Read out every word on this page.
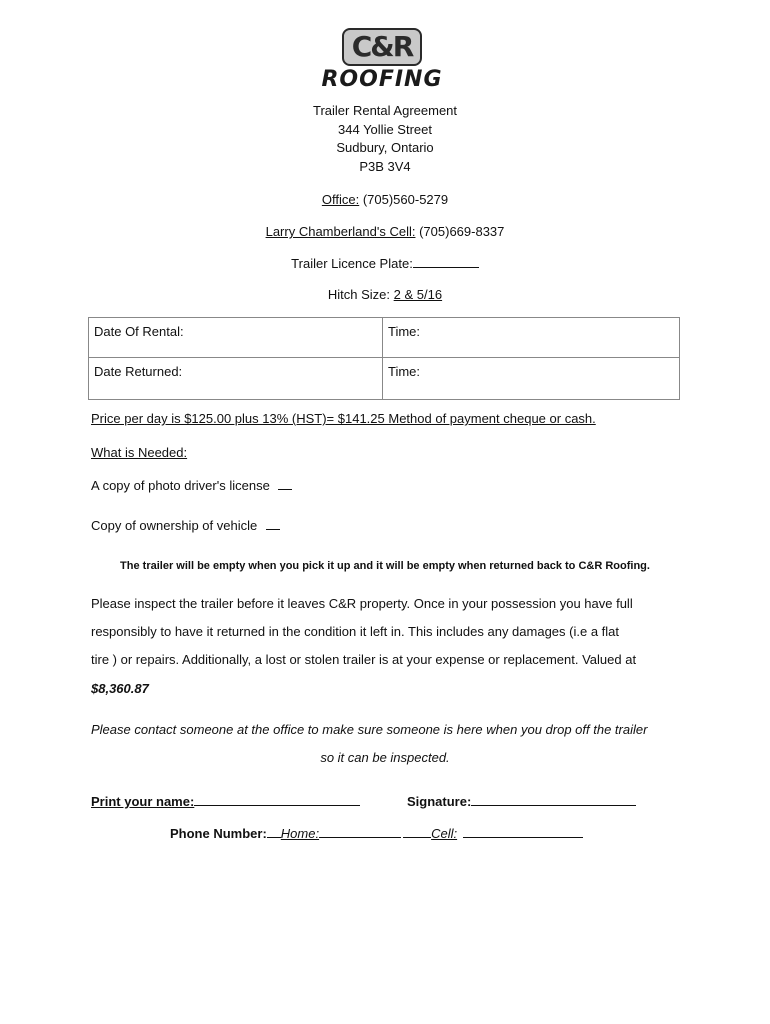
C&R
ROOFING
Trailer Rental Agreement
344 Yollie Street
Sudbury, Ontario
P3B 3V4
Office: (705)560-5279
Larry Chamberland's Cell: (705)669-8337
Trailer Licence Plate:
Hitch Size: 2 & 5/16
Date Of Rental:	Time:
Date Returned:	Time:
Price per day is $125.00 plus 13% (HST)= $141.25 Method of payment cheque or cash.
What is Needed:
A copy of photo driver's license
Copy of ownership of vehicle
The trailer will be empty when you pick it up and it will be empty when returned back to C&R Roofing.
Please inspect the trailer before it leaves C&R property. Once in your possession you have full
responsibly to have it returned in the condition it left in. This includes any damages (i.e a flat
tire ) or repairs. Additionally, a lost or stolen trailer is at your expense or replacement. Valued at
$8,360.87
Please contact someone at the office to make sure someone is here when you drop off the trailer
so it can be inspected.
Print your name:	Signature:
Phone Number: Home:	Cell:
